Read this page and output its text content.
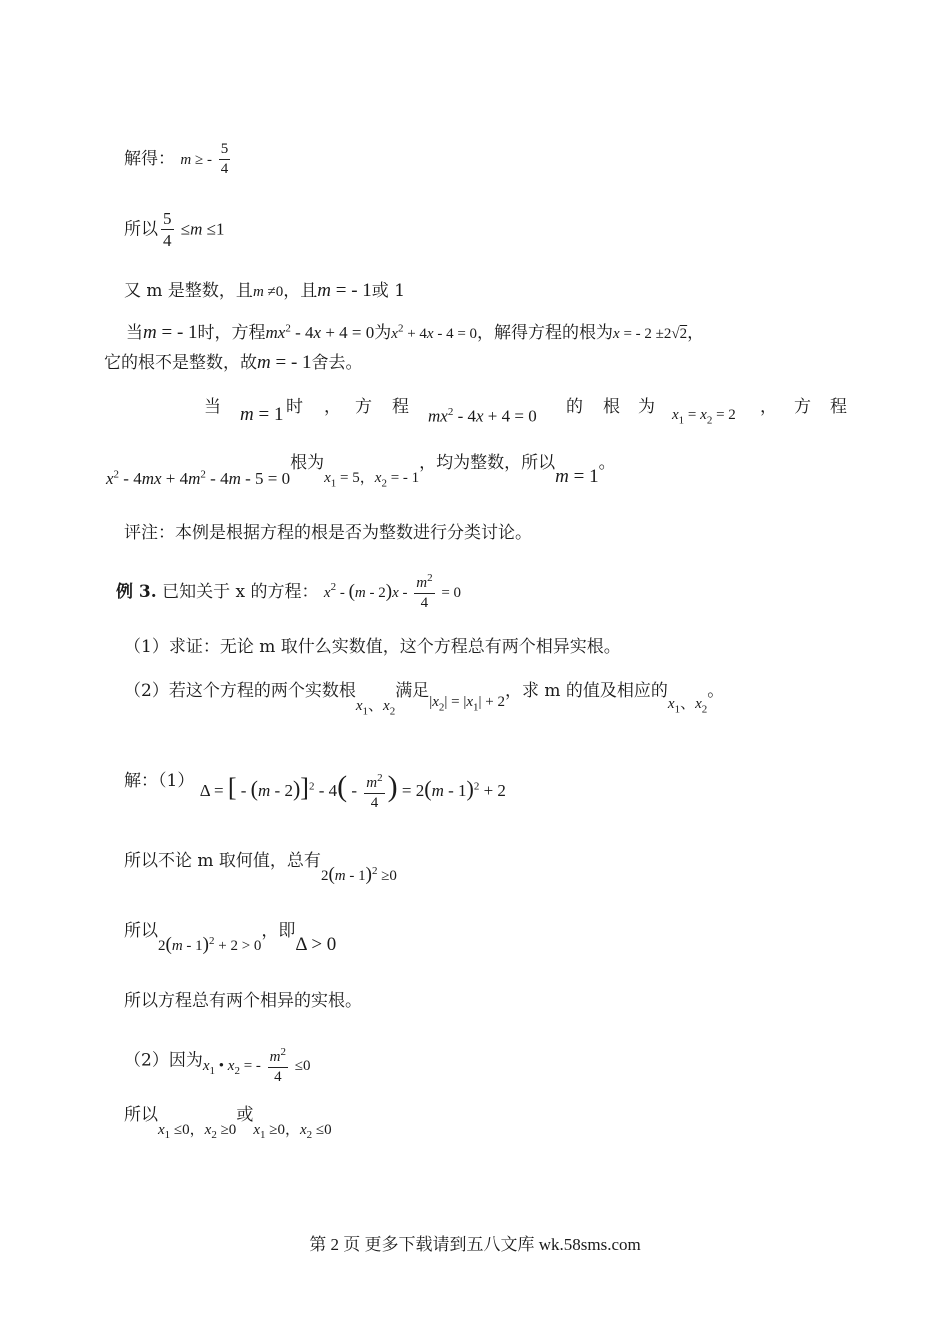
解得： m ≥ - $\frac{5}{4}$
所以 $\frac{5}{4} \le m \le 1$
又 m 是整数，且m ≠0，且m = - 1或 1
当m = - 1时，方程$mx^2 - 4x + 4 = 0$为$x^2 + 4x - 4 = 0$，解得方程的根为x = - 2 ±2√2，
它的根不是整数，故m = - 1舍去。
当 m = 1 时 ， 方 程 $mx^2 - 4x + 4 = 0$ 的 根 为 $x_1 = x_2 = 2$ ， 方 程
$x^2 - 4mx + 4m^2 - 4m - 5 = 0$根为$x_1 = 5$，$x_2$ = - 1，均为整数，所以m = 1。
评注：本例是根据方程的根是否为整数进行分类讨论。
例 3. 已知关于 x 的方程： $x^2 - (m - 2)x - \frac{m^2}{4} = 0$
（1）求证：无论 m 取什么实数值，这个方程总有两个相异实根。
（2）若这个方程的两个实数根$x_1$、$x_2$满足$|x_2| = |x_1| + 2$，求 m 的值及相应的$x_1$、$x_2$。
解：（1） Δ = [ - $(m - 2)]^2 - 4( - \frac{m^2}{4}$ ) = 2(m - 1)$^2$ + 2
所以不论 m 取何值，总有2(m - 1)$^2$ ≥0
所以2(m - 1)$^2$ + 2 > 0，即Δ > 0
所以方程总有两个相异的实根。
（2）因为$x_1$ • $x_2$ = - $\frac{m^2}{4} \le 0$
所以$x_1 \le 0$，$x_2 \ge 0$或$x_1 \ge 0$，$x_2 \le 0$
第 2 页 更多下载请到五八文库 wk.58sms.com
